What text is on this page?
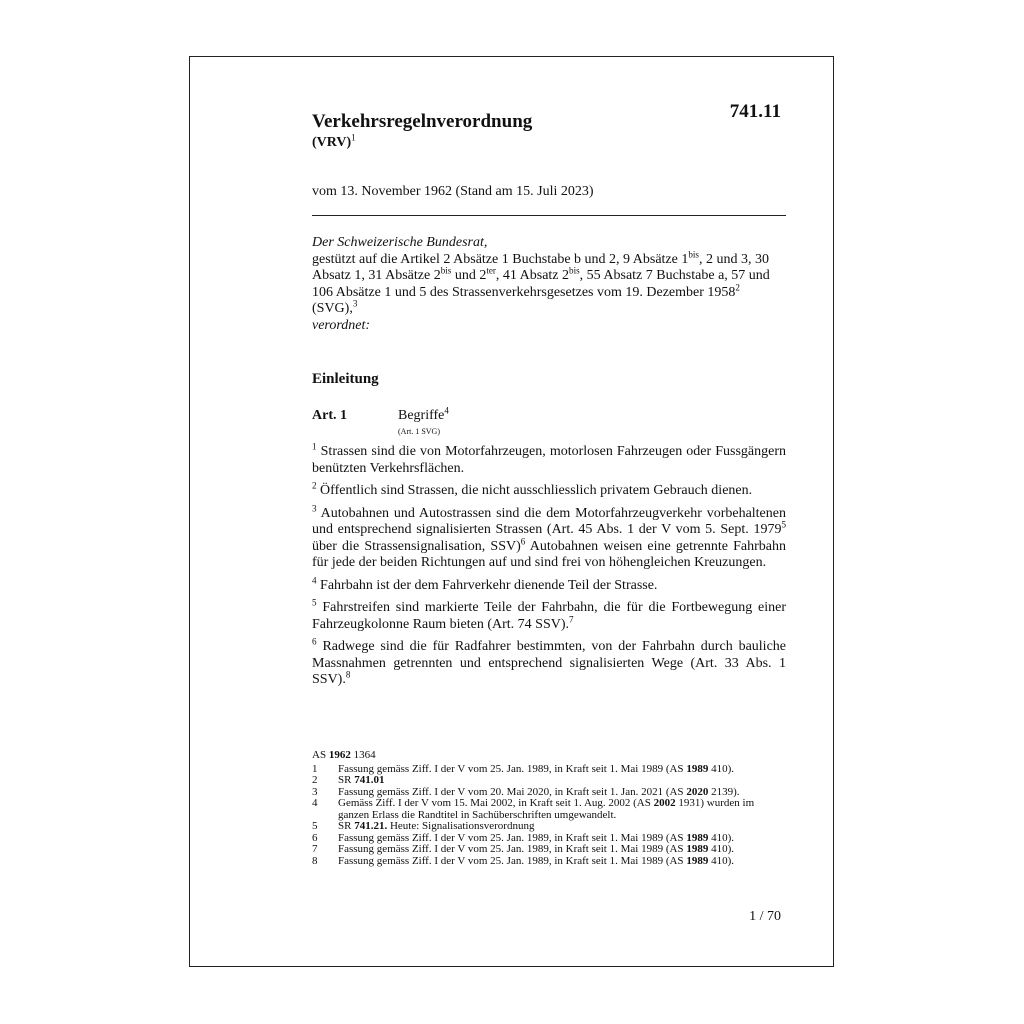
Verkehrsregelnverordnung	741.11
(VRV)$^1$
vom 13. November 1962 (Stand am 15. Juli 2023)
Der Schweizerische Bundesrat,
gestützt auf die Artikel 2 Absätze 1 Buchstabe b und 2, 9 Absätze $1^{bis}$, 2 und 3, 30 Absatz 1, 31 Absätze $2^{bis}$ und $2^{ter}$, 41 Absatz $2^{bis}$, 55 Absatz 7 Buchstabe a, 57 und 106 Absätze 1 und 5 des Strassenverkehrsgesetzes vom 19. Dezember 1958$^2$ (SVG),$^3$
verordnet:
Einleitung
Art. 1	Begriffe$^4$
(Art. 1 SVG)

$^1$ Strassen sind die von Motorfahrzeugen, motorlosen Fahrzeugen oder Fussgängern benützten Verkehrsflächen.

$^2$ Öffentlich sind Strassen, die nicht ausschliesslich privatem Gebrauch dienen.

$^3$ Autobahnen und Autostrassen sind die dem Motorfahrzeugverkehr vorbehaltenen und entsprechend signalisierten Strassen (Art. 45 Abs. 1 der V vom 5. Sept. 1979$^5$ über die Strassensignalisation, SSV)$^6$ Autobahnen weisen eine getrennte Fahrbahn für jede der beiden Richtungen auf und sind frei von höhengleichen Kreuzungen.

$^4$ Fahrbahn ist der dem Fahrverkehr dienende Teil der Strasse.

$^5$ Fahrstreifen sind markierte Teile der Fahrbahn, die für die Fortbewegung einer Fahrzeugkolonne Raum bieten (Art. 74 SSV).$^7$

$^6$ Radwege sind die für Radfahrer bestimmten, von der Fahrbahn durch bauliche Massnahmen getrennten und entsprechend signalisierten Wege (Art. 33 Abs. 1 SSV).$^8$

AS 1962 1364
1	Fassung gemäss Ziff. I der V vom 25. Jan. 1989, in Kraft seit 1. Mai 1989 (AS 1989 410).
2	SR 741.01
3	Fassung gemäss Ziff. I der V vom 20. Mai 2020, in Kraft seit 1. Jan. 2021 (AS 2020 2139).
4	Gemäss Ziff. I der V vom 15. Mai 2002, in Kraft seit 1. Aug. 2002 (AS 2002 1931) wurden im ganzen Erlass die Randtitel in Sachüberschriften umgewandelt.
5	SR 741.21. Heute: Signalisationsverordnung
6	Fassung gemäss Ziff. I der V vom 25. Jan. 1989, in Kraft seit 1. Mai 1989 (AS 1989 410).
7	Fassung gemäss Ziff. I der V vom 25. Jan. 1989, in Kraft seit 1. Mai 1989 (AS 1989 410).
8	Fassung gemäss Ziff. I der V vom 25. Jan. 1989, in Kraft seit 1. Mai 1989 (AS 1989 410).
1 / 70
